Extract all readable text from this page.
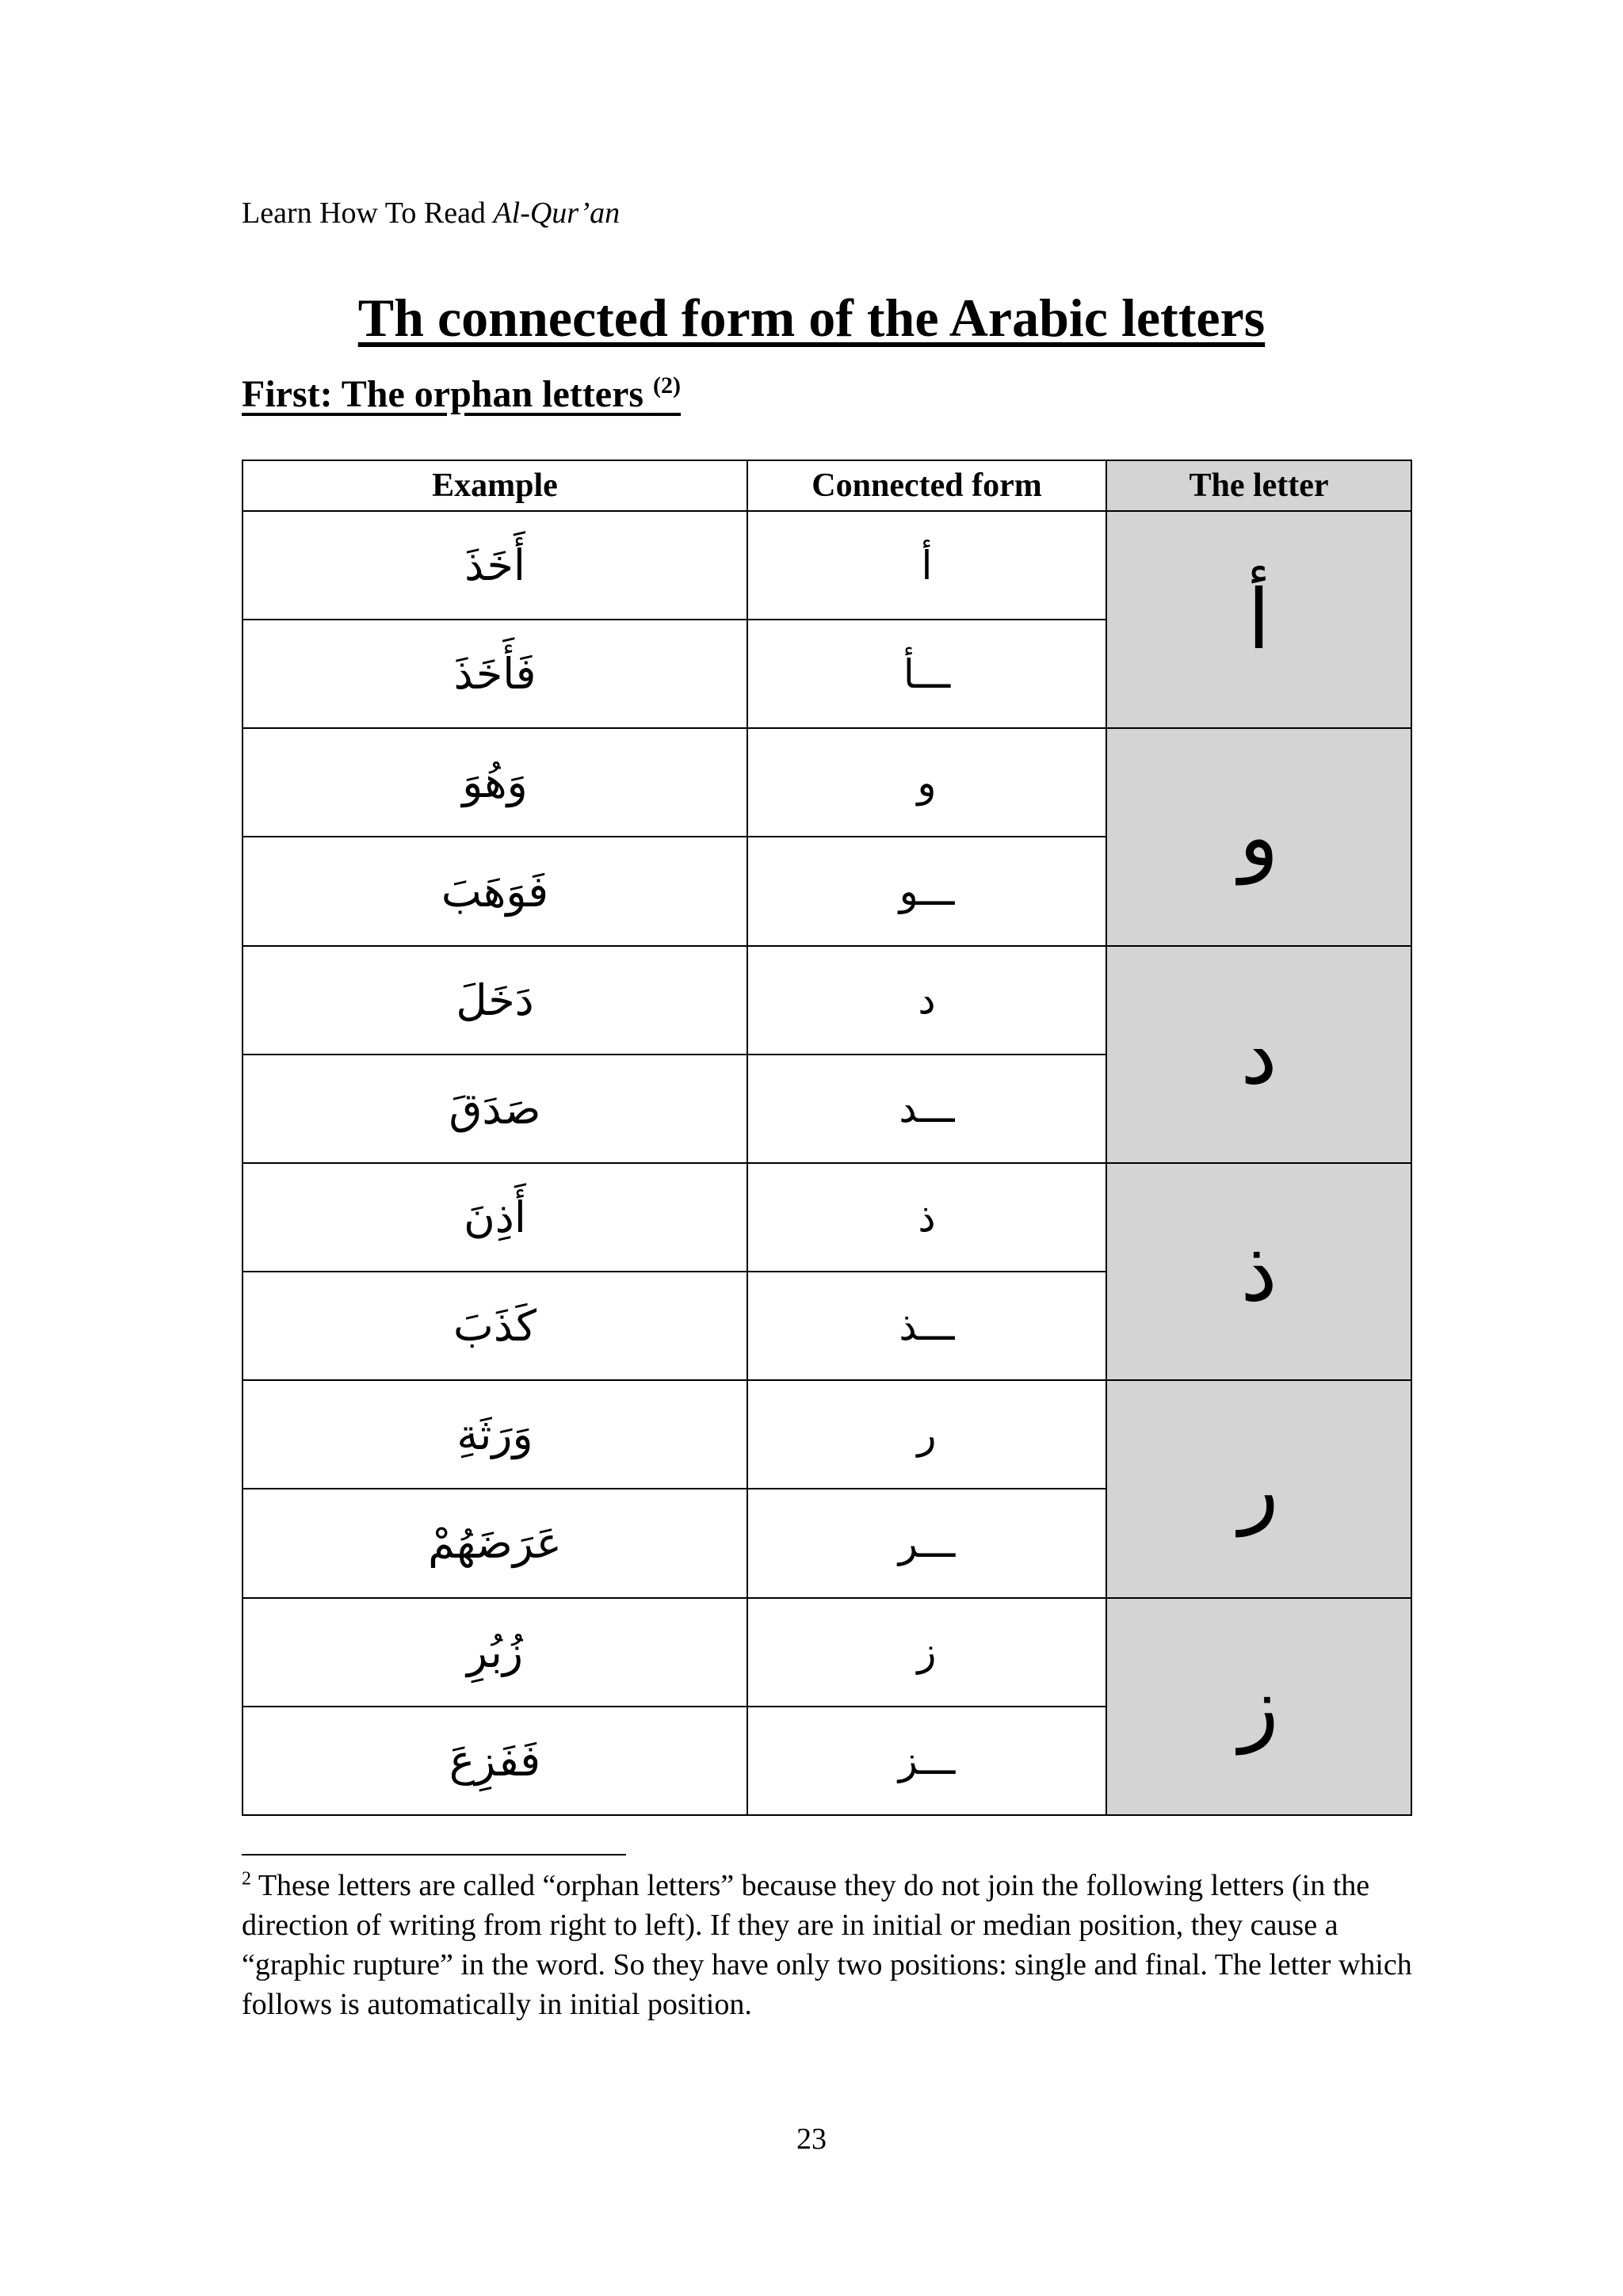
Learn How To Read Al-Qur’an
Th connected form of the Arabic letters
First: The orphan letters $^{(2)}$
Example	Connected form	The letter
أَخَذَ	أ	أ
فَأَخَذَ	ـــأ	
وَهُوَ	و	و
فَوَهَبَ	ـــو	
دَخَلَ	د	د
صَدَقَ	ـــد	
أَذِنَ	ذ	ذ
كَذَبَ	ـــذ	
وَرَثَةِ	ر	ر
عَرَضَهُمْ	ـــر	
زُبُرِ	ز	ز
فَفَزِعَ	ـــز	
$^2$ These letters are called “orphan letters” because they do not join the following letters (in the direction of writing from right to left). If they are in initial or median position, they cause a “graphic rupture” in the word. So they have only two positions: single and final. The letter which follows is automatically in initial position.
23
